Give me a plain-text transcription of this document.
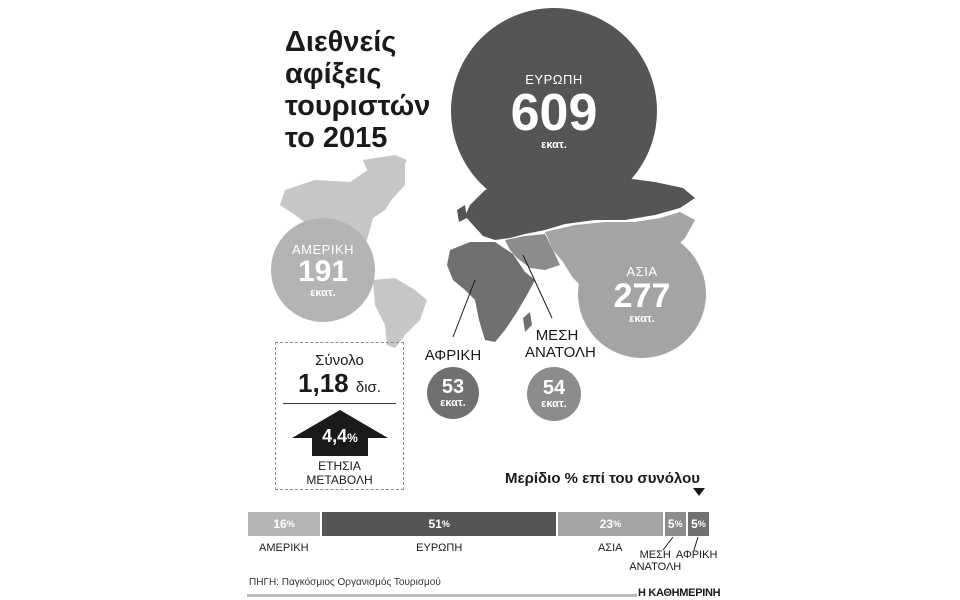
Διεθνείς
αφίξεις
τουριστών
το 2015
ΕΥΡΩΠΗ
609
εκατ.
ΑΜΕΡΙΚΗ
191
εκατ.
ΑΣΙΑ
277
εκατ.
53
εκατ.
ΑΦΡΙΚΗ
54
εκατ.
ΜΕΣΗ ΑΝΑΤΟΛΗ
Σύνολο
1,18 δισ.
4,4%
ΕΤΗΣΙΑ
ΜΕΤΑΒΟΛΗ	Μερίδιο % επί του συνόλου
ΠΗΓΗ: Παγκόσμιος Οργανισμός Τουρισμού
Η ΚΑΘΗΜΕΡΙΝΗ
16 %
ΑΜΕΡΙΚΗ
51 %
ΕΥΡΩΠΗ
23 %
ΑΣΙΑ
5 %
ΜΕΣΗ
ΑΝΑΤΟΛΗ
5 %
ΑΦΡΙΚΗ
